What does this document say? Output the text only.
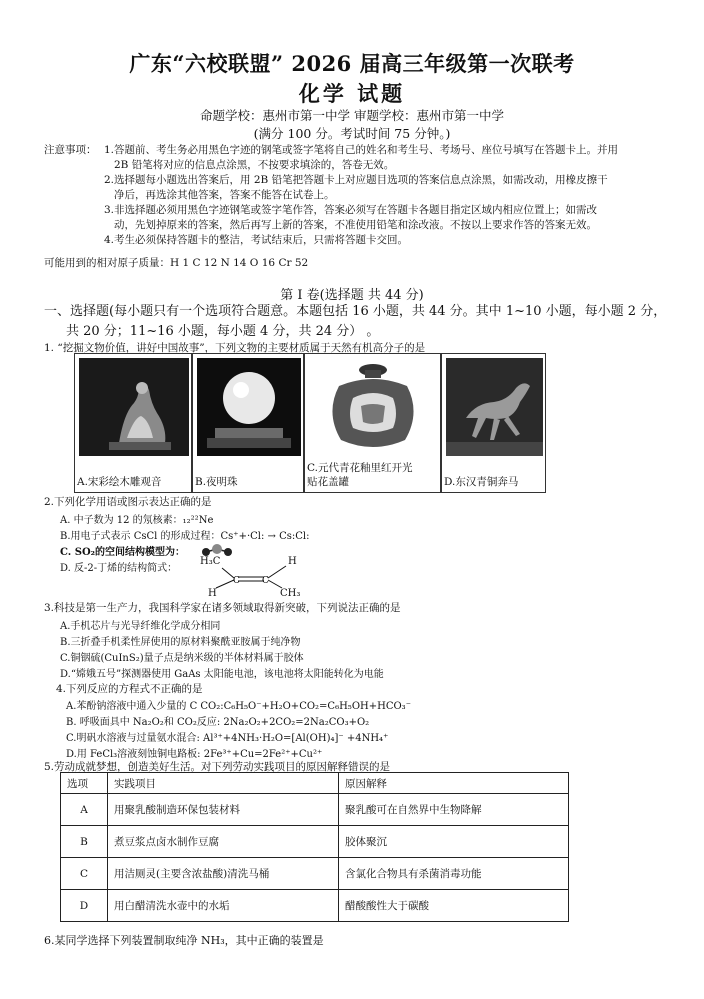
广东“六校联盟” 2026 届高三年级第一次联考
化学 试题
命题学校：惠州市第一中学 审题学校：惠州市第一中学
(满分 100 分。考试时间 75 分钟。)
注意事项： 1.答题前、考生务必用黑色字迹的钢笔或签字笔将自己的姓名和考生号、考场号、座位号填写在答题卡上。并用
2B 铅笔将对应的信息点涂黑，不按要求填涂的，答卷无效。
2.选择题每小题选出答案后，用 2B 铅笔把答题卡上对应题目选项的答案信息点涂黑，如需改动，用橡皮擦干
净后，再选涂其他答案，答案不能答在试卷上。
3.非选择题必须用黑色字迹钢笔或签字笔作答，答案必须写在答题卡各题目指定区域内相应位置上；如需改
动，先划掉原来的答案，然后再写上新的答案，不准使用铅笔和涂改液。不按以上要求作答的答案无效。
4.考生必须保持答题卡的整洁，考试结束后，只需将答题卡交回。
可能用到的相对原子质量：H 1 C 12 N 14 O 16 Cr 52
第 I 卷(选择题 共 44 分)
一、选择题(每小题只有一个选项符合题意。本题包括 16 小题，共 44 分。其中 1~10 小题，每小题 2 分，
共 20 分；11~16 小题，每小题 4 分，共 24 分） 。
1. “挖掘文物价值，讲好中国故事”，下列文物的主要材质属于天然有机高分子的是
A.宋彩绘木雕观音	B.夜明珠
C.元代青花釉里红开光
贴花盖罐	D.东汉青铜奔马
2.下列化学用语或图示表达正确的是
A. 中子数为 12 的氖核素：₁₂²²Ne
B.用电子式表示 CsCl 的形成过程：Cs⁺+·Cl: → Cs:Cl:
C. SO₂的空间结构模型为：
D. 反-2-丁烯的结构简式：
H₃C	H
H	CH₃
C C
3.科技是第一生产力，我国科学家在诸多领域取得新突破，下列说法正确的是
A.手机芯片与光导纤维化学成分相同
B.三折叠手机柔性屏使用的原材料聚酰亚胺属于纯净物
C.铜铟硫(CuInS₂)量子点是纳米级的半体材料属于胶体
D.“嫦娥五号”探测器使用 GaAs 太阳能电池，该电池将太阳能转化为电能
4.下列反应的方程式不正确的是
A.苯酚钠溶液中通入少量的 C CO₂:C₆H₅O⁻+H₂O+CO₂=C₆H₅OH+HCO₃⁻
B. 呼吸面具中 Na₂O₂和 CO₂反应: 2Na₂O₂+2CO₂=2Na₂CO₃+O₂
C.明矾水溶液与过量氨水混合: Al³⁺+4NH₃·H₂O=[Al(OH)₄]⁻ +4NH₄⁺
D.用 FeCl₃溶液刻蚀铜电路板: 2Fe³⁺+Cu=2Fe²⁺+Cu²⁺
5.劳动成就梦想，创造美好生活。对下列劳动实践项目的原因解释错误的是
选项	实践项目	原因解释
A	用聚乳酸制造环保包装材料	聚乳酸可在自然界中生物降解
B	煮豆浆点卤水制作豆腐	胶体聚沉
C	用洁厕灵(主要含浓盐酸)清洗马桶	含氯化合物具有杀菌消毒功能
D	用白醋清洗水壶中的水垢	醋酸酸性大于碳酸
6.某同学选择下列装置制取纯净 NH₃，其中正确的装置是
